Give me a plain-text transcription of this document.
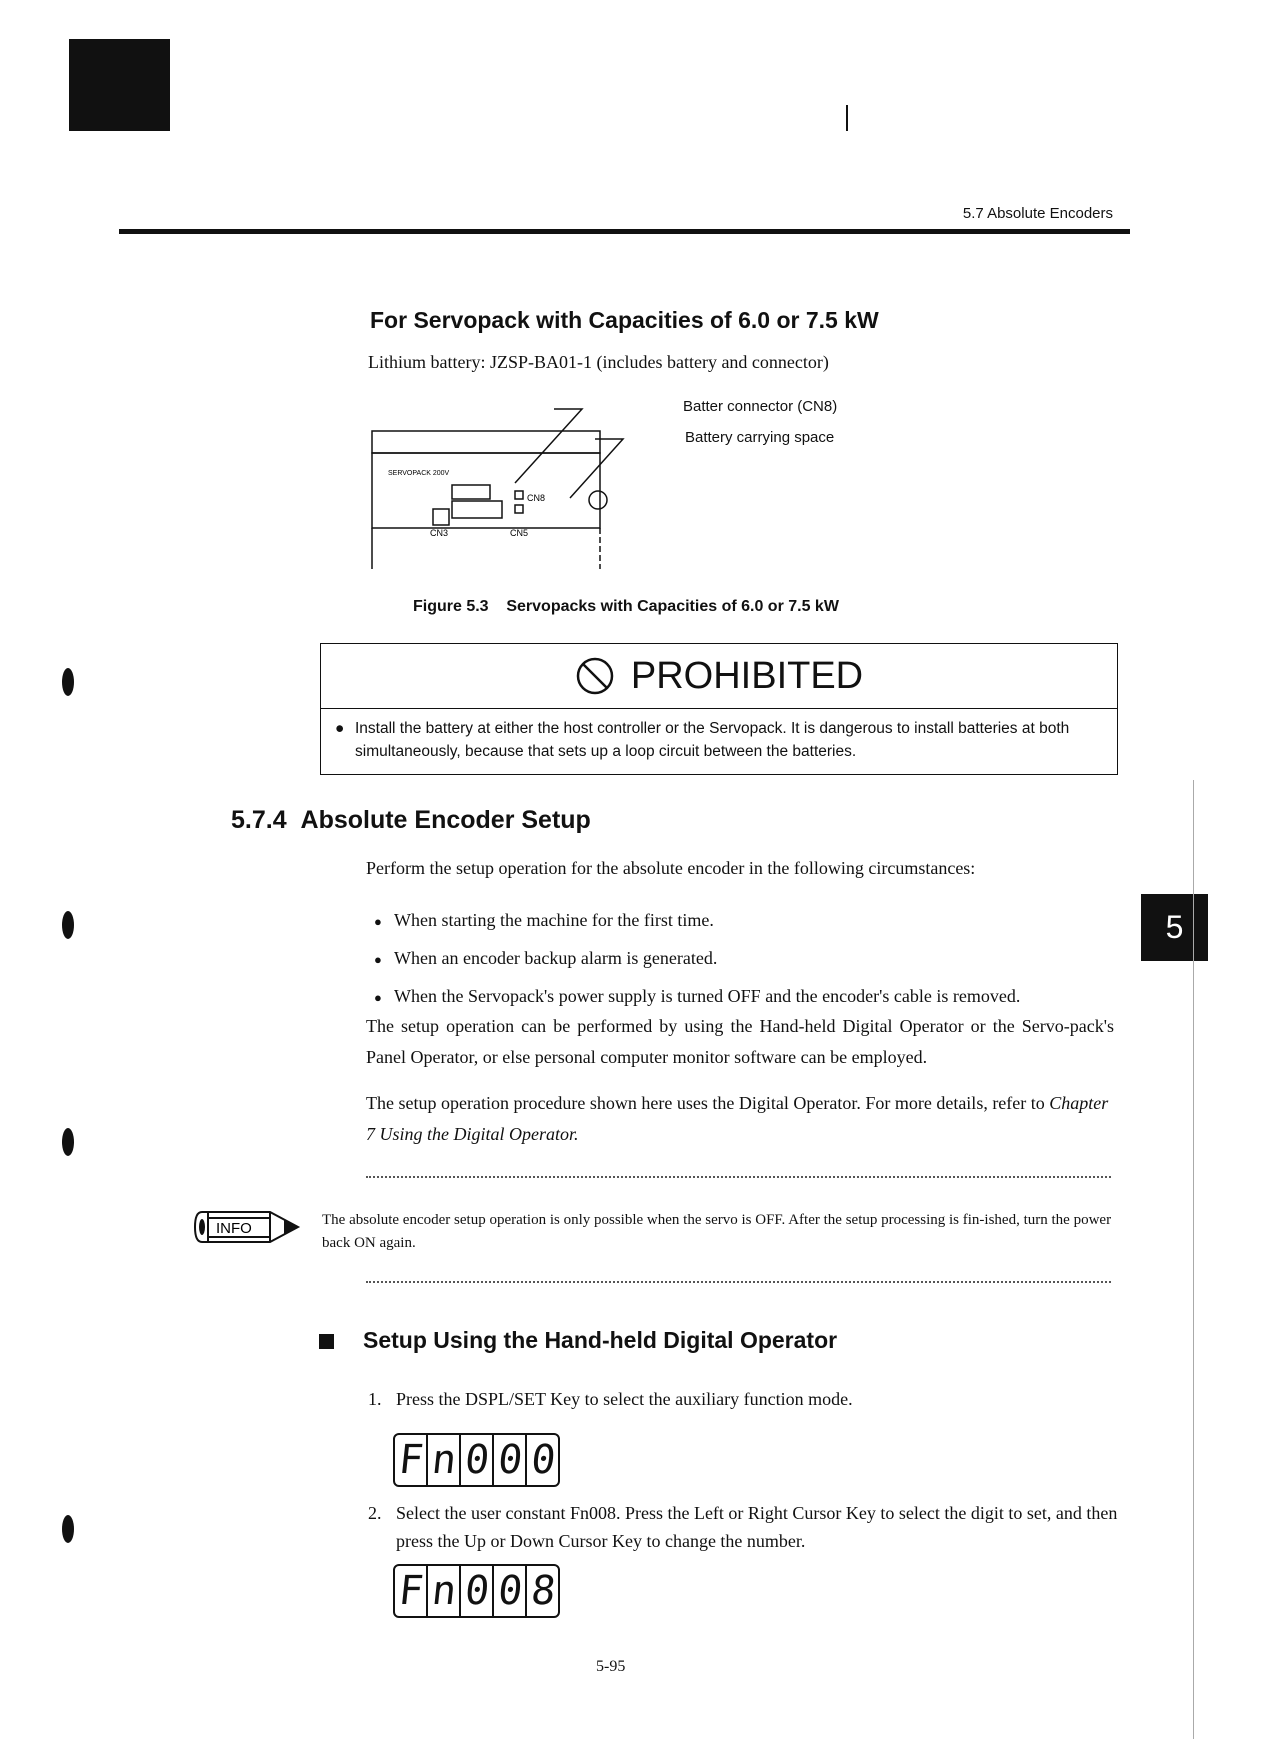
5.7 Absolute Encoders
5
For Servopack with Capacities of 6.0 or 7.5 kW
Lithium battery: JZSP-BA01-1 (includes battery and connector)
SERVOPACK 200V
CN3	CN5
CN8
Batter connector (CN8)
Battery carrying space
Figure 5.3 Servopacks with Capacities of 6.0 or 7.5 kW
PROHIBITED
● Install the battery at either the host controller or the Servopack. It is dangerous to install batteries at both simultaneously, because that sets up a loop circuit between the batteries.
5.7.4 Absolute Encoder Setup
Perform the setup operation for the absolute encoder in the following circumstances:
● When starting the machine for the first time.
● When an encoder backup alarm is generated.
● When the Servopack's power supply is turned OFF and the encoder's cable is removed.
The setup operation can be performed by using the Hand-held Digital Operator or the Servo-pack's Panel Operator, or else personal computer monitor software can be employed.
The setup operation procedure shown here uses the Digital Operator. For more details, refer to Chapter 7 Using the Digital Operator.
INFO	The absolute encoder setup operation is only possible when the servo is OFF. After the setup processing is fin-ished, turn the power back ON again.
Setup Using the Hand-held Digital Operator
1. Press the DSPL/SET Key to select the auxiliary function mode.
Fn000
2. Select the user constant Fn008. Press the Left or Right Cursor Key to select the digit to set, and then press the Up or Down Cursor Key to change the number.
Fn008
5-95
